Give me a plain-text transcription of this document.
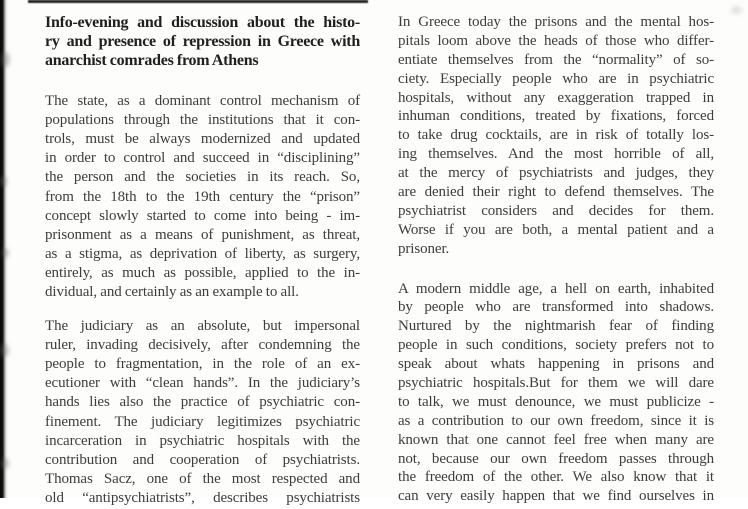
Info-evening and discussion about the histo-
ry and presence of repression in Greece with
anarchist comrades from Athens
The state, as a dominant control mechanism of
populations through the institutions that it con-
trols, must be always modernized and updated
in order to control and succeed in “disciplining”
the person and the societies in its reach. So,
from the 18th to the 19th century the “prison”
concept slowly started to come into being - im-
prisonment as a means of punishment, as threat,
as a stigma, as deprivation of liberty, as surgery,
entirely, as much as possible, applied to the in-
dividual, and certainly as an example to all.
The judiciary as an absolute, but impersonal
ruler, invading decisively, after condemning the
people to fragmentation, in the role of an ex-
ecutioner with “clean hands”. In the judiciary’s
hands lies also the practice of psychiatric con-
finement. The judiciary legitimizes psychiatric
incarceration in psychiatric hospitals with the
contribution and cooperation of psychiatrists.
Thomas Sacz, one of the most respected and
old “antipsychiatrists”, describes psychiatrists
In Greece today the prisons and the mental hos-
pitals loom above the heads of those who differ-
entiate themselves from the “normality” of so-
ciety. Especially people who are in psychiatric
hospitals, without any exaggeration trapped in
inhuman conditions, treated by fixations, forced
to take drug cocktails, are in risk of totally los-
ing themselves. And the most horrible of all,
at the mercy of psychiatrists and judges, they
are denied their right to defend themselves. The
psychiatrist considers and decides for them.
Worse if you are both, a mental patient and a
prisoner.
A modern middle age, a hell on earth, inhabited
by people who are transformed into shadows.
Nurtured by the nightmarish fear of finding
people in such conditions, society prefers not to
speak about whats happening in prisons and
psychiatric hospitals.But for them we will dare
to talk, we must denounce, we must publicize -
as a contribution to our own freedom, since it is
known that one cannot feel free when many are
not, because our own freedom passes through
the freedom of the other. We also know that it
can very easily happen that we find ourselves in
